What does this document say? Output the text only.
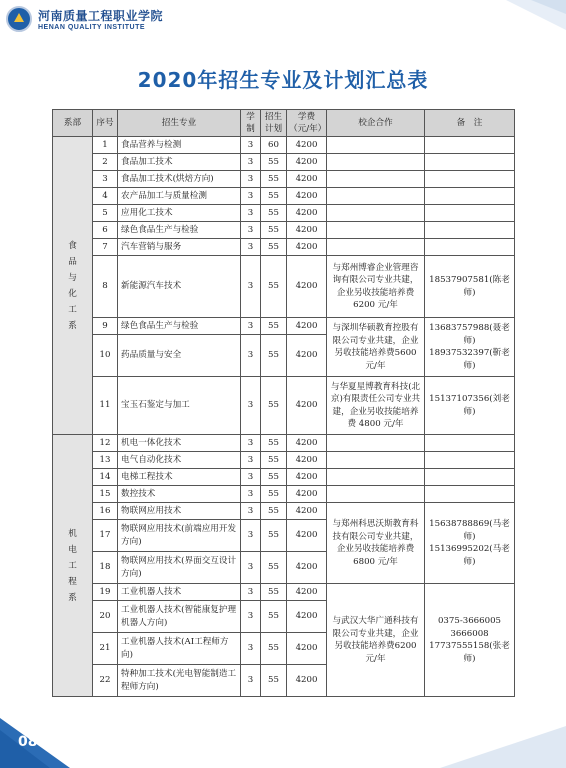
河南质量工程职业学院
HENAN QUALITY INSTITUTE
2020年招生专业及计划汇总表
系部	序号	招生专业	学制	招生计划	学费（元/年）	校企合作	备　注
食品与化工系	1	食品营养与检测	3	60	4200		
	2	食品加工技术	3	55	4200		
	3	食品加工技术(烘焙方向)	3	55	4200		
	4	农产品加工与质量检测	3	55	4200		
	5	应用化工技术	3	55	4200		
	6	绿色食品生产与检验	3	55	4200		
	7	汽车营销与服务	3	55	4200		
	8	新能源汽车技术	3	55	4200	与郑州博睿企业管理咨询有限公司专业共建，企业另收技能培养费 6200 元/年	18537907581(陈老师)
	9	绿色食品生产与检验	3	55	4200	与深圳华硕教育控股有限公司专业共建，企业另收技能培养费5600 元/年	13683757988(聂老师) 18937532397(靳老师)
	10	药品质量与安全	3	55	4200		
	11	宝玉石鉴定与加工	3	55	4200	与华夏星博教育科技(北京)有限责任公司专业共建，企业另收技能培养费 4800 元/年	15137107356(刘老师)
机电工程系	12	机电一体化技术	3	55	4200		
	13	电气自动化技术	3	55	4200		
	14	电梯工程技术	3	55	4200		
	15	数控技术	3	55	4200		
	16	物联网应用技术	3	55	4200	与郑州科思沃斯教育科技有限公司专业共建，企业另收技能培养费 6800 元/年	15638788869(马老师) 15136995202(马老师)
	17	物联网应用技术(前端应用开发方向)	3	55	4200		
	18	物联网应用技术(界面交互设计方向)	3	55	4200		
	19	工业机器人技术	3	55	4200	与武汉大华广通科技有限公司专业共建，企业另收技能培养费6200 元/年	0375-3666005 3666008 17737555158(张老师)
	20	工业机器人技术(智能康复护理机器人方向)	3	55	4200		
	21	工业机器人技术(AI工程师方向)	3	55	4200		
	22	特种加工技术(光电智能制造工程师方向)	3	55	4200		
08
